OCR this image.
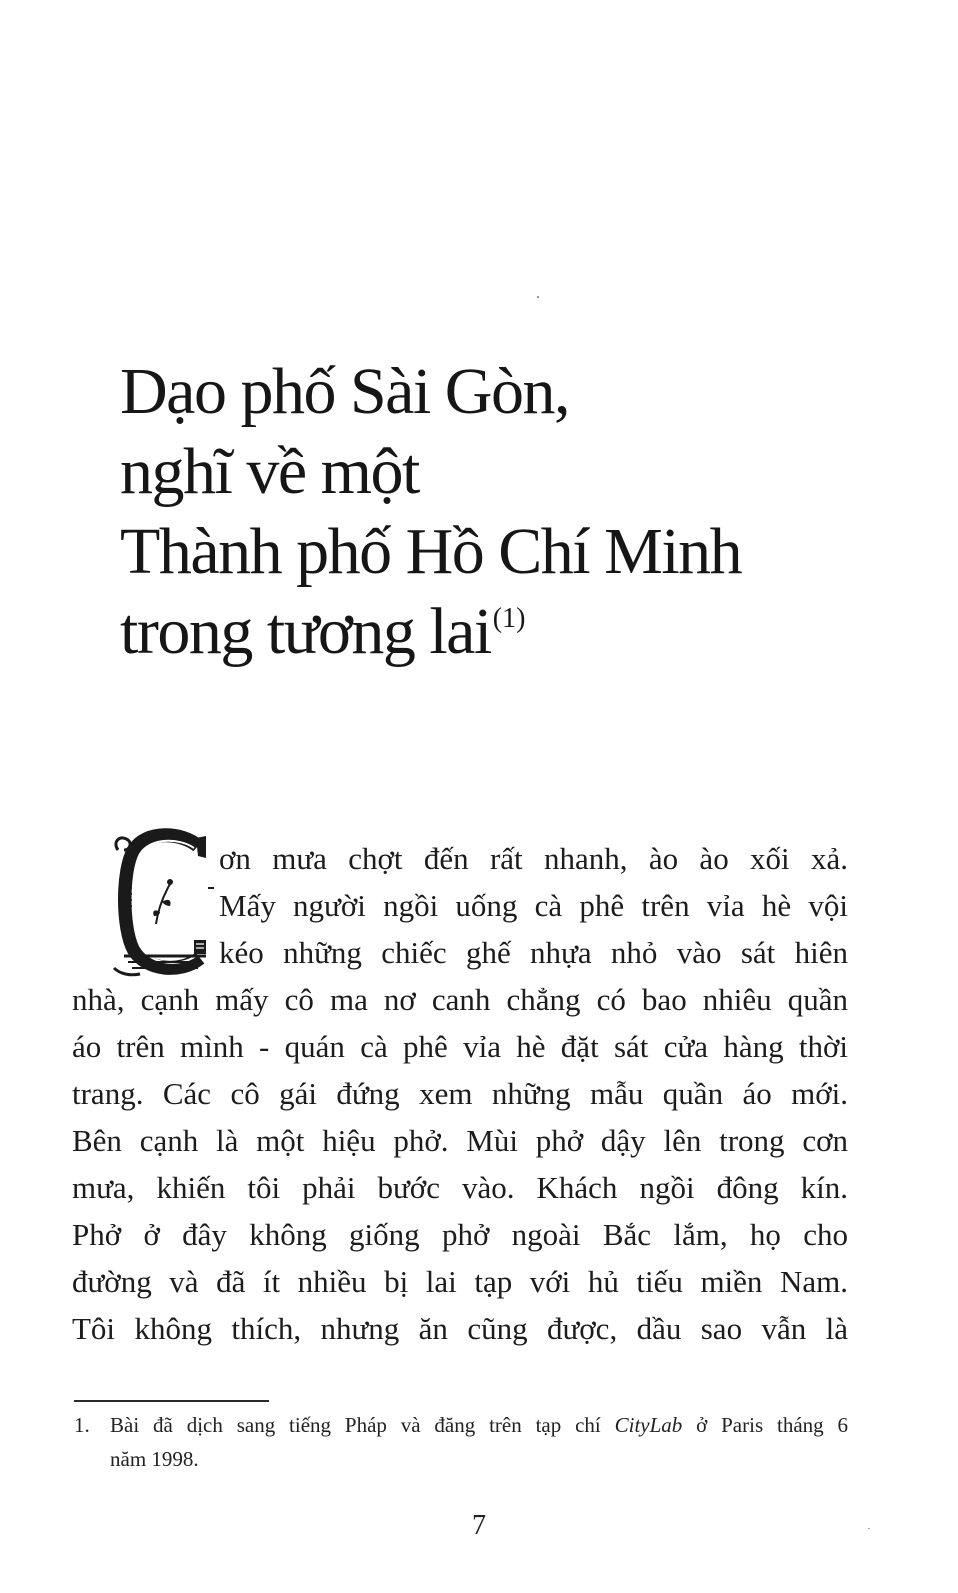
Dạo phố Sài Gòn,
nghĩ về một
Thành phố Hồ Chí Minh
trong tương lai$^{(1)}$
ơn mưa chợt đến rất nhanh, ào ào xối xả.
Mấy người ngồi uống cà phê trên vỉa hè vội
kéo những chiếc ghế nhựa nhỏ vào sát hiên
nhà, cạnh mấy cô ma nơ canh chẳng có bao nhiêu quần
áo trên mình - quán cà phê vỉa hè đặt sát cửa hàng thời
trang. Các cô gái đứng xem những mẫu quần áo mới.
Bên cạnh là một hiệu phở. Mùi phở dậy lên trong cơn
mưa, khiến tôi phải bước vào. Khách ngồi đông kín.
Phở ở đây không giống phở ngoài Bắc lắm, họ cho
đường và đã ít nhiều bị lai tạp với hủ tiếu miền Nam.
Tôi không thích, nhưng ăn cũng được, dầu sao vẫn là
1. Bài đã dịch sang tiếng Pháp và đăng trên tạp chí CityLab ở Paris tháng 6
năm 1998.
7
